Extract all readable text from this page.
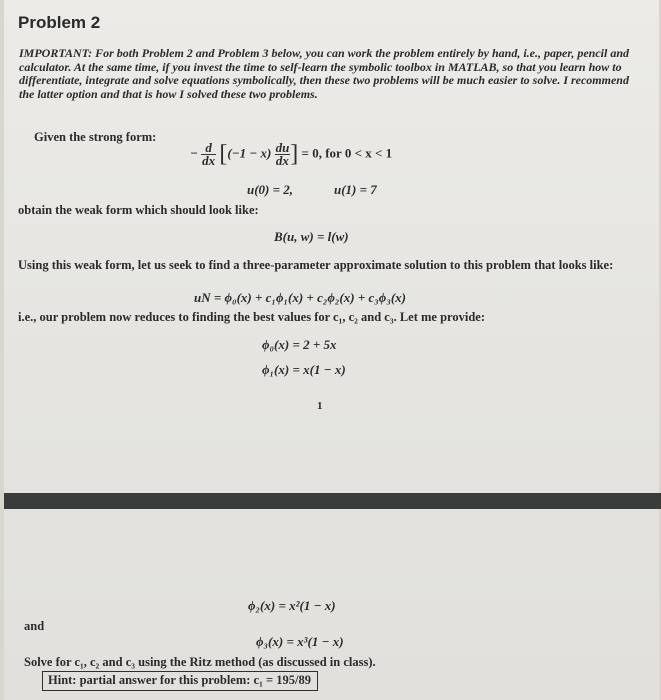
Problem 2
IMPORTANT: For both Problem 2 and Problem 3 below, you can work the problem entirely by hand, i.e., paper, pencil and calculator. At the same time, if you invest the time to self-learn the symbolic toolbox in MATLAB, so that you learn how to differentiate, integrate and solve equations symbolically, then these two problems will be much easier to solve. I recommend the latter option and that is how I solved these two problems.
Given the strong form:
− $\frac{d}{dx} [(-1 - x) \frac{du}{dx}$ ] = 0, for 0 < x < 1
u(0) = 2,	u(1) = 7
obtain the weak form which should look like:
B(u, w) = l(w)
Using this weak form, let us seek to find a three-parameter approximate solution to this problem that looks like:
uN = ϕ₀(x) + c₁ϕ₁(x) + c₂ϕ₂(x) + c₃ϕ₃(x)
i.e., our problem now reduces to finding the best values for c₁, c₂ and c₃. Let me provide:
ϕ₀(x) = 2 + 5x
ϕ₁(x) = x(1 − x)
1
ϕ₂(x) = x²(1 − x)
and
ϕ₃(x) = x³(1 − x)
Solve for c₁, c₂ and c₃ using the Ritz method (as discussed in class).
Hint: partial answer for this problem: c₁ = 195/89
